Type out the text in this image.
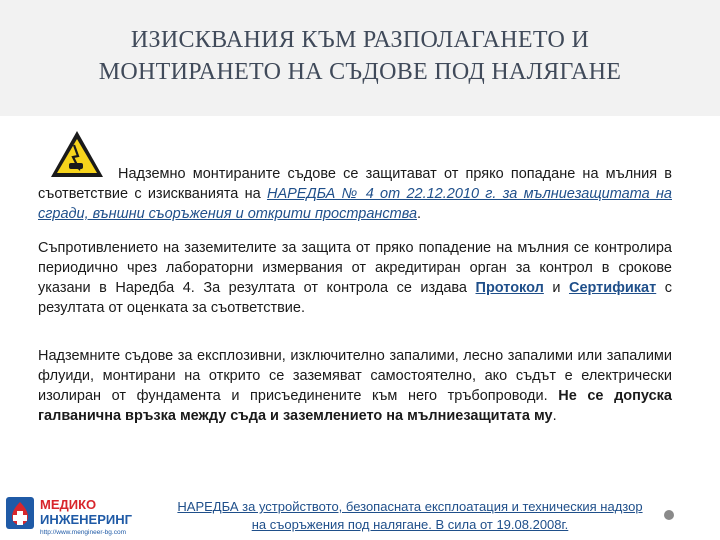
ИЗИСКВАНИЯ КЪМ РАЗПОЛАГАНЕТО И
МОНТИРАНЕТО НА СЪДОВЕ ПОД НАЛЯГАНЕ

Надземно монтираните съдове се защитават от пряко попадане на мълния в съответствие с изискванията на НАРЕДБА № 4 от 22.12.2010 г. за мълниезащитата на сгради, външни съоръжения и открити пространства.

Съпротивлението на заземителите за защита от пряко попадение на мълния се контролира периодично чрез лабораторни измервания от акредитиран орган за контрол в срокове указани в Наредба 4. За резултата от контрола се издава Протокол и Сертификат с резултата от оценката за съответствие.

Надземните съдове за експлозивни, изключително запалими, лесно запалими или запалими флуиди, монтирани на открито се заземяват самостоятелно, ако съдът е електрически изолиран от фундамента и присъединените към него тръбопроводи. Не се допуска галванична връзка между съда и заземлението на мълниезащитата му.

МЕДИКО
ИНЖЕНЕРИНГ
http://www.mengineer-bg.com
НАРЕДБА за устройството, безопасната експлоатация и техническия надзор
на съоръжения под налягане. В сила от 19.08.2008г.
